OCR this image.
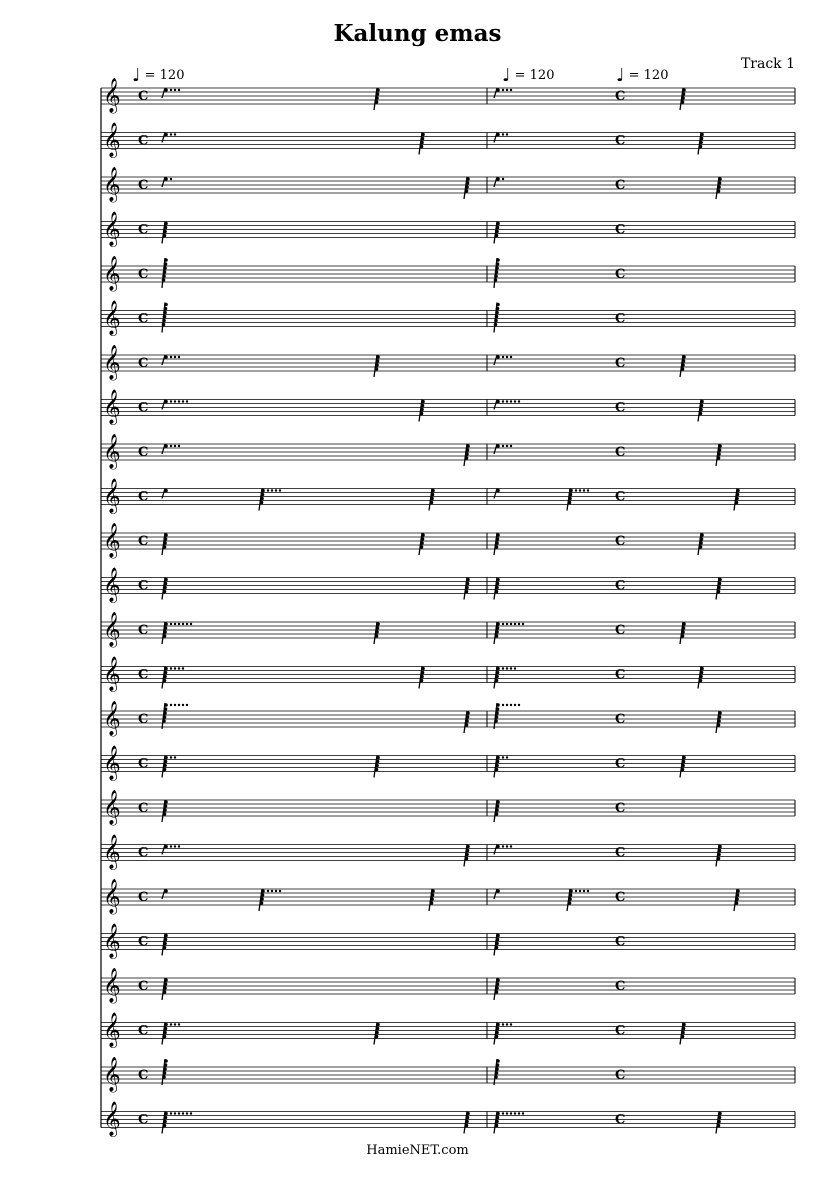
Kalung emas
Track 1
♩ = 120	♩ = 120	♩ = 120
𝄞 C	C
𝄞 C	C
𝄞 C	C
𝄞 C	C
𝄞 C	C
𝄞 C	C
𝄞 C	C
𝄞 C	C
𝄞 C	C
𝄞 C	C
𝄞 C	C
𝄞 C	C
𝄞 C	C
𝄞 C	C
𝄞 C	C
𝄞 C	C
𝄞 C	C
𝄞 C	C
𝄞 C	C
𝄞 C	C
𝄞 C	C
𝄞 C	C
𝄞 C	C
𝄞 C	C
HamieNET.com
